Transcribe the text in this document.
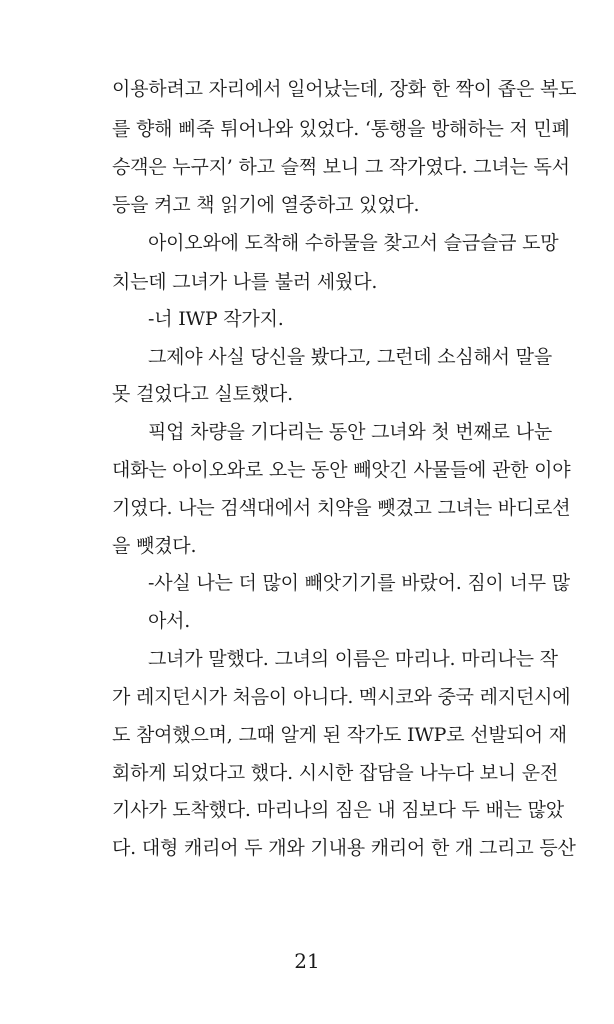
이용하려고 자리에서 일어났는데, 장화 한 짝이 좁은 복도
를 향해 삐죽 튀어나와 있었다. ‘통행을 방해하는 저 민폐
승객은 누구지’ 하고 슬쩍 보니 그 작가였다. 그녀는 독서
등을 켜고 책 읽기에 열중하고 있었다.
아이오와에 도착해 수하물을 찾고서 슬금슬금 도망
치는데 그녀가 나를 불러 세웠다.
-너 IWP 작가지.
그제야 사실 당신을 봤다고, 그런데 소심해서 말을
못 걸었다고 실토했다.
픽업 차량을 기다리는 동안 그녀와 첫 번째로 나눈
대화는 아이오와로 오는 동안 빼앗긴 사물들에 관한 이야
기였다. 나는 검색대에서 치약을 뺏겼고 그녀는 바디로션
을 뺏겼다.
-사실 나는 더 많이 빼앗기기를 바랐어. 짐이 너무 많
아서.
그녀가 말했다. 그녀의 이름은 마리나. 마리나는 작
가 레지던시가 처음이 아니다. 멕시코와 중국 레지던시에
도 참여했으며, 그때 알게 된 작가도 IWP로 선발되어 재
회하게 되었다고 했다. 시시한 잡담을 나누다 보니 운전
기사가 도착했다. 마리나의 짐은 내 짐보다 두 배는 많았
다. 대형 캐리어 두 개와 기내용 캐리어 한 개 그리고 등산
21
